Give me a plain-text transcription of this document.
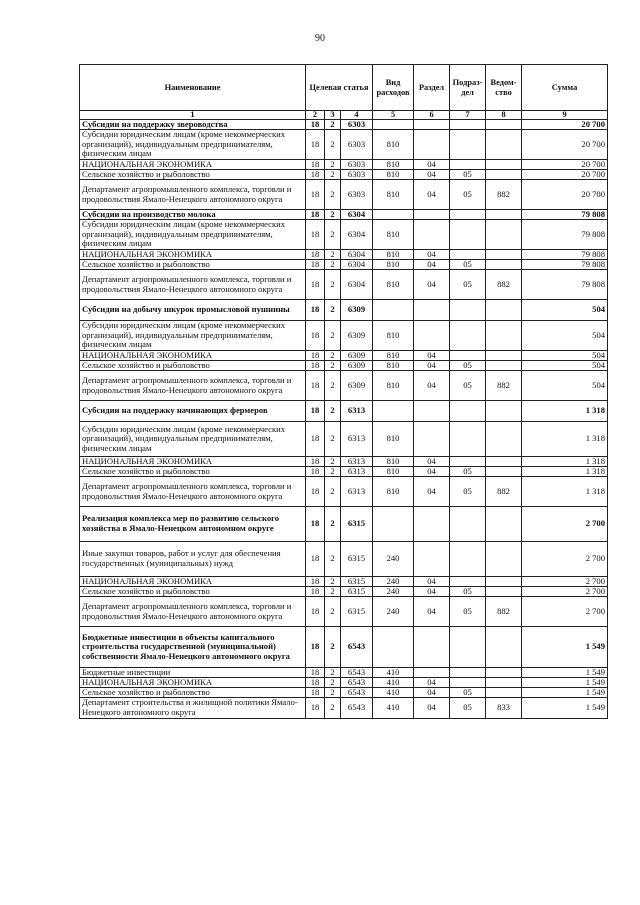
90
Наименование	Целевая статья			Вид расходов	Раздел	Подраз-дел	Ведом-ство	Сумма
1	2	3	4	5	6	7	8	9
Субсидии на поддержку звероводства	18	2	6303					20 700
Субсидии юридическим лицам (кроме некоммерческих организаций), индивидуальным предпринимателям, физическим лицам	18	2	6303	810				20 700
НАЦИОНАЛЬНАЯ ЭКОНОМИКА	18	2	6303	810	04			20 700
Сельское хозяйство и рыболовство	18	2	6303	810	04	05		20 700
Департамент агропромышленного комплекса, торговли и продовольствия Ямало-Ненецкого автономного округа	18	2	6303	810	04	05	882	20 700
Субсидии на производство молока	18	2	6304					79 808
Субсидии юридическим лицам (кроме некоммерческих организаций), индивидуальным предпринимателям, физическим лицам	18	2	6304	810				79 808
НАЦИОНАЛЬНАЯ ЭКОНОМИКА	18	2	6304	810	04			79 808
Сельское хозяйство и рыболовство	18	2	6304	810	04	05		79 808
Департамент агропромышленного комплекса, торговли и продовольствия Ямало-Ненецкого автономного округа	18	2	6304	810	04	05	882	79 808
Субсидии на добычу шкурок промысловой пушнины	18	2	6309					504
Субсидии юридическим лицам (кроме некоммерческих организаций), индивидуальным предпринимателям, физическим лицам	18	2	6309	810				504
НАЦИОНАЛЬНАЯ ЭКОНОМИКА	18	2	6309	810	04			504
Сельское хозяйство и рыболовство	18	2	6309	810	04	05		504
Департамент агропромышленного комплекса, торговли и продовольствия Ямало-Ненецкого автономного округа	18	2	6309	810	04	05	882	504
Субсидии на поддержку начинающих фермеров	18	2	6313					1 318
Субсидии юридическим лицам (кроме некоммерческих организаций), индивидуальным предпринимателям, физическим лицам	18	2	6313	810				1 318
НАЦИОНАЛЬНАЯ ЭКОНОМИКА	18	2	6313	810	04			1 318
Сельское хозяйство и рыболовство	18	2	6313	810	04	05		1 318
Департамент агропромышленного комплекса, торговли и продовольствия Ямало-Ненецкого автономного округа	18	2	6313	810	04	05	882	1 318
Реализация комплекса мер по развитию сельского хозяйства в Ямало-Ненецком автономном округе	18	2	6315					2 700
Иные закупки товаров, работ и услуг для обеспечения государственных (муниципальных) нужд	18	2	6315	240				2 700
НАЦИОНАЛЬНАЯ ЭКОНОМИКА	18	2	6315	240	04			2 700
Сельское хозяйство и рыболовство	18	2	6315	240	04	05		2 700
Департамент агропромышленного комплекса, торговли и продовольствия Ямало-Ненецкого автономного округа	18	2	6315	240	04	05	882	2 700
Бюджетные инвестиции в объекты капитального строительства государственной (муниципальной) собственности Ямало-Ненецкого автономного округа	18	2	6543					1 549
Бюджетные инвестиции	18	2	6543	410				1 549
НАЦИОНАЛЬНАЯ ЭКОНОМИКА	18	2	6543	410	04			1 549
Сельское хозяйство и рыболовство	18	2	6543	410	04	05		1 549
Департамент строительства и жилищной политики Ямало-Ненецкого автономного округа	18	2	6543	410	04	05	833	1 549
